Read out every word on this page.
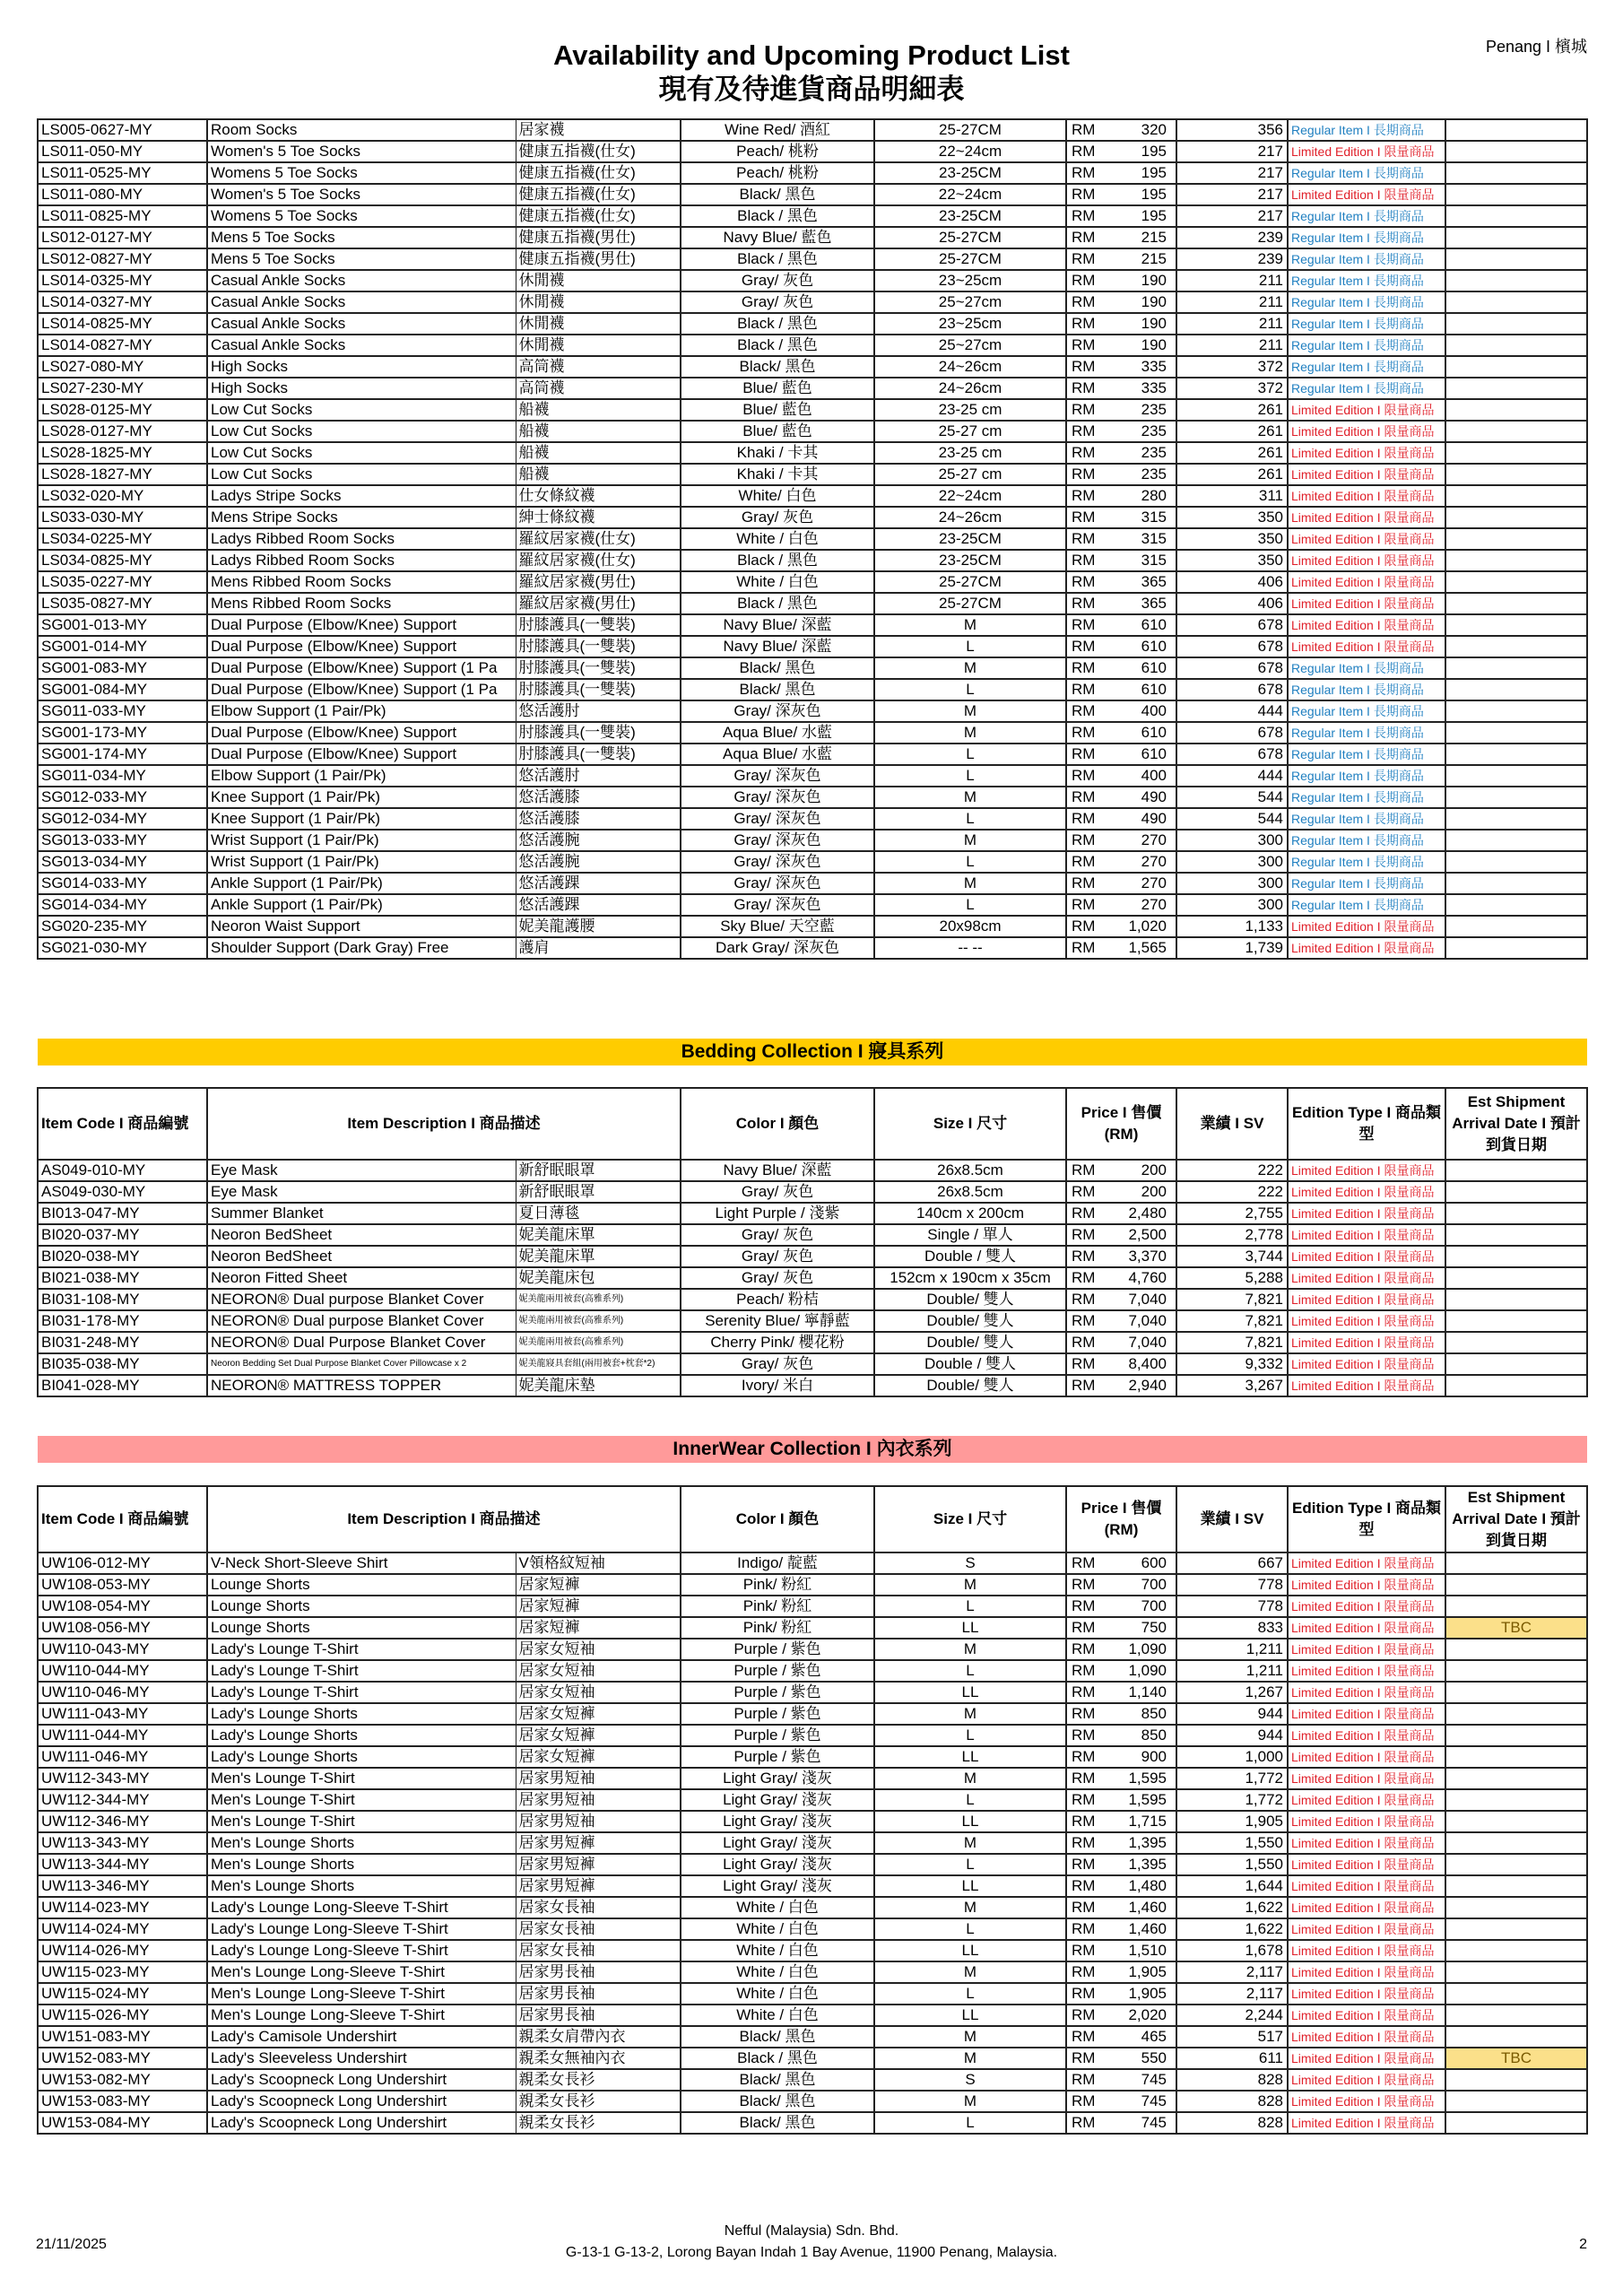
Availability and Upcoming Product List
現有及待進貨商品明細表
Penang I 檳城
LS005-0627-MY	Room Socks	居家襪	Wine Red/ 酒紅	25-27CM	RM 320	356	Regular Item I 長期商品	
LS011-050-MY	Women's 5 Toe Socks	健康五指襪(仕女)	Peach/ 桃粉	22~24cm	RM 195	217	Limited Edition I 限量商品	
LS011-0525-MY	Womens 5 Toe Socks	健康五指襪(仕女)	Peach/ 桃粉	23-25CM	RM 195	217	Regular Item I 長期商品	
LS011-080-MY	Women's 5 Toe Socks	健康五指襪(仕女)	Black/ 黑色	22~24cm	RM 195	217	Limited Edition I 限量商品	
LS011-0825-MY	Womens 5 Toe Socks	健康五指襪(仕女)	Black / 黑色	23-25CM	RM 195	217	Regular Item I 長期商品	
LS012-0127-MY	Mens 5 Toe Socks	健康五指襪(男仕)	Navy Blue/ 藍色	25-27CM	RM 215	239	Regular Item I 長期商品	
LS012-0827-MY	Mens 5 Toe Socks	健康五指襪(男仕)	Black / 黑色	25-27CM	RM 215	239	Regular Item I 長期商品	
LS014-0325-MY	Casual Ankle Socks	休閒襪	Gray/ 灰色	23~25cm	RM 190	211	Regular Item I 長期商品	
LS014-0327-MY	Casual Ankle Socks	休閒襪	Gray/ 灰色	25~27cm	RM 190	211	Regular Item I 長期商品	
LS014-0825-MY	Casual Ankle Socks	休閒襪	Black / 黑色	23~25cm	RM 190	211	Regular Item I 長期商品	
LS014-0827-MY	Casual Ankle Socks	休閒襪	Black / 黑色	25~27cm	RM 190	211	Regular Item I 長期商品	
LS027-080-MY	High Socks	高筒襪	Black/ 黑色	24~26cm	RM 335	372	Regular Item I 長期商品	
LS027-230-MY	High Socks	高筒襪	Blue/ 藍色	24~26cm	RM 335	372	Regular Item I 長期商品	
LS028-0125-MY	Low Cut Socks	船襪	Blue/ 藍色	23-25 cm	RM 235	261	Limited Edition I 限量商品	
LS028-0127-MY	Low Cut Socks	船襪	Blue/ 藍色	25-27 cm	RM 235	261	Limited Edition I 限量商品	
LS028-1825-MY	Low Cut Socks	船襪	Khaki / 卡其	23-25 cm	RM 235	261	Limited Edition I 限量商品	
LS028-1827-MY	Low Cut Socks	船襪	Khaki / 卡其	25-27 cm	RM 235	261	Limited Edition I 限量商品	
LS032-020-MY	Ladys Stripe Socks	仕女條紋襪	White/ 白色	22~24cm	RM 280	311	Limited Edition I 限量商品	
LS033-030-MY	Mens Stripe Socks	紳士條紋襪	Gray/ 灰色	24~26cm	RM 315	350	Limited Edition I 限量商品	
LS034-0225-MY	Ladys Ribbed Room Socks	羅紋居家襪(仕女)	White / 白色	23-25CM	RM 315	350	Limited Edition I 限量商品	
LS034-0825-MY	Ladys Ribbed Room Socks	羅紋居家襪(仕女)	Black / 黑色	23-25CM	RM 315	350	Limited Edition I 限量商品	
LS035-0227-MY	Mens Ribbed Room Socks	羅紋居家襪(男仕)	White / 白色	25-27CM	RM 365	406	Limited Edition I 限量商品	
LS035-0827-MY	Mens Ribbed Room Socks	羅紋居家襪(男仕)	Black / 黑色	25-27CM	RM 365	406	Limited Edition I 限量商品	
SG001-013-MY	Dual Purpose (Elbow/Knee) Support	肘膝護具(一雙裝)	Navy Blue/ 深藍	M	RM 610	678	Limited Edition I 限量商品	
SG001-014-MY	Dual Purpose (Elbow/Knee) Support	肘膝護具(一雙裝)	Navy Blue/ 深藍	L	RM 610	678	Limited Edition I 限量商品	
SG001-083-MY	Dual Purpose (Elbow/Knee) Support (1 Pa	肘膝護具(一雙裝)	Black/ 黑色	M	RM 610	678	Regular Item I 長期商品	
SG001-084-MY	Dual Purpose (Elbow/Knee) Support (1 Pa	肘膝護具(一雙裝)	Black/ 黑色	L	RM 610	678	Regular Item I 長期商品	
SG011-033-MY	Elbow Support (1 Pair/Pk)	悠活護肘	Gray/ 深灰色	M	RM 400	444	Regular Item I 長期商品	
SG001-173-MY	Dual Purpose (Elbow/Knee) Support	肘膝護具(一雙裝)	Aqua Blue/ 水藍	M	RM 610	678	Regular Item I 長期商品	
SG001-174-MY	Dual Purpose (Elbow/Knee) Support	肘膝護具(一雙裝)	Aqua Blue/ 水藍	L	RM 610	678	Regular Item I 長期商品	
SG011-034-MY	Elbow Support (1 Pair/Pk)	悠活護肘	Gray/ 深灰色	L	RM 400	444	Regular Item I 長期商品	
SG012-033-MY	Knee Support (1 Pair/Pk)	悠活護膝	Gray/ 深灰色	M	RM 490	544	Regular Item I 長期商品	
SG012-034-MY	Knee Support (1 Pair/Pk)	悠活護膝	Gray/ 深灰色	L	RM 490	544	Regular Item I 長期商品	
SG013-033-MY	Wrist Support (1 Pair/Pk)	悠活護腕	Gray/ 深灰色	M	RM 270	300	Regular Item I 長期商品	
SG013-034-MY	Wrist Support (1 Pair/Pk)	悠活護腕	Gray/ 深灰色	L	RM 270	300	Regular Item I 長期商品	
SG014-033-MY	Ankle Support (1 Pair/Pk)	悠活護踝	Gray/ 深灰色	M	RM 270	300	Regular Item I 長期商品	
SG014-034-MY	Ankle Support (1 Pair/Pk)	悠活護踝	Gray/ 深灰色	L	RM 270	300	Regular Item I 長期商品	
SG020-235-MY	Neoron Waist Support	妮美龍護腰	Sky Blue/ 天空藍	20x98cm	RM 1,020	1,133	Limited Edition I 限量商品	
SG021-030-MY	Shoulder Support (Dark Gray) Free	護肩	Dark Gray/ 深灰色	-- --	RM 1,565	1,739	Limited Edition I 限量商品	
Bedding Collection I 寢具系列
Item Code I 商品編號	Item Description I 商品描述		Color I 顏色	Size I 尺寸	Price I 售價 (RM)	業績 I SV	Edition Type I 商品類型	Est Shipment Arrival Date I 預計到貨日期
AS049-010-MY	Eye Mask	新舒眠眼罩	Navy Blue/ 深藍	26x8.5cm	RM 200	222	Limited Edition I 限量商品	
AS049-030-MY	Eye Mask	新舒眠眼罩	Gray/ 灰色	26x8.5cm	RM 200	222	Limited Edition I 限量商品	
BI013-047-MY	Summer Blanket	夏日薄毯	Light Purple / 淺紫	140cm x 200cm	RM 2,480	2,755	Limited Edition I 限量商品	
BI020-037-MY	Neoron BedSheet	妮美龍床單	Gray/ 灰色	Single / 單人	RM 2,500	2,778	Limited Edition I 限量商品	
BI020-038-MY	Neoron BedSheet	妮美龍床單	Gray/ 灰色	Double / 雙人	RM 3,370	3,744	Limited Edition I 限量商品	
BI021-038-MY	Neoron Fitted Sheet	妮美龍床包	Gray/ 灰色	152cm x 190cm x 35cm	RM 4,760	5,288	Limited Edition I 限量商品	
BI031-108-MY	NEORON® Dual purpose Blanket Cover	妮美龍兩用被套(高雅系列)	Peach/ 粉桔	Double/ 雙人	RM 7,040	7,821	Limited Edition I 限量商品	
BI031-178-MY	NEORON® Dual purpose Blanket Cover	妮美龍兩用被套(高雅系列)	Serenity Blue/ 寧靜藍	Double/ 雙人	RM 7,040	7,821	Limited Edition I 限量商品	
BI031-248-MY	NEORON® Dual Purpose Blanket Cover	妮美龍兩用被套(高雅系列)	Cherry Pink/ 櫻花粉	Double/ 雙人	RM 7,040	7,821	Limited Edition I 限量商品	
BI035-038-MY	Neoron Bedding Set Dual Purpose Blanket Cover Pillowcase x 2	妮美龍寢具套組(兩用被套+枕套*2)	Gray/ 灰色	Double / 雙人	RM 8,400	9,332	Limited Edition I 限量商品	
BI041-028-MY	NEORON® MATTRESS TOPPER	妮美龍床墊	Ivory/ 米白	Double/ 雙人	RM 2,940	3,267	Limited Edition I 限量商品	
InnerWear Collection I 內衣系列
Item Code I 商品編號	Item Description I 商品描述		Color I 顏色	Size I 尺寸	Price I 售價 (RM)	業績 I SV	Edition Type I 商品類型	Est Shipment Arrival Date I 預計到貨日期
UW106-012-MY	V-Neck Short-Sleeve Shirt	V領格紋短袖	Indigo/ 靛藍	S	RM 600	667	Limited Edition I 限量商品	
UW108-053-MY	Lounge Shorts	居家短褲	Pink/ 粉紅	M	RM 700	778	Limited Edition I 限量商品	
UW108-054-MY	Lounge Shorts	居家短褲	Pink/ 粉紅	L	RM 700	778	Limited Edition I 限量商品	
UW108-056-MY	Lounge Shorts	居家短褲	Pink/ 粉紅	LL	RM 750	833	Limited Edition I 限量商品	TBC
UW110-043-MY	Lady's Lounge T-Shirt	居家女短袖	Purple / 紫色	M	RM 1,090	1,211	Limited Edition I 限量商品	
UW110-044-MY	Lady's Lounge T-Shirt	居家女短袖	Purple / 紫色	L	RM 1,090	1,211	Limited Edition I 限量商品	
UW110-046-MY	Lady's Lounge T-Shirt	居家女短袖	Purple / 紫色	LL	RM 1,140	1,267	Limited Edition I 限量商品	
UW111-043-MY	Lady's Lounge Shorts	居家女短褲	Purple / 紫色	M	RM 850	944	Limited Edition I 限量商品	
UW111-044-MY	Lady's Lounge Shorts	居家女短褲	Purple / 紫色	L	RM 850	944	Limited Edition I 限量商品	
UW111-046-MY	Lady's Lounge Shorts	居家女短褲	Purple / 紫色	LL	RM 900	1,000	Limited Edition I 限量商品	
UW112-343-MY	Men's Lounge T-Shirt	居家男短袖	Light Gray/ 淺灰	M	RM 1,595	1,772	Limited Edition I 限量商品	
UW112-344-MY	Men's Lounge T-Shirt	居家男短袖	Light Gray/ 淺灰	L	RM 1,595	1,772	Limited Edition I 限量商品	
UW112-346-MY	Men's Lounge T-Shirt	居家男短袖	Light Gray/ 淺灰	LL	RM 1,715	1,905	Limited Edition I 限量商品	
UW113-343-MY	Men's Lounge Shorts	居家男短褲	Light Gray/ 淺灰	M	RM 1,395	1,550	Limited Edition I 限量商品	
UW113-344-MY	Men's Lounge Shorts	居家男短褲	Light Gray/ 淺灰	L	RM 1,395	1,550	Limited Edition I 限量商品	
UW113-346-MY	Men's Lounge Shorts	居家男短褲	Light Gray/ 淺灰	LL	RM 1,480	1,644	Limited Edition I 限量商品	
UW114-023-MY	Lady's Lounge Long-Sleeve T-Shirt	居家女長袖	White / 白色	M	RM 1,460	1,622	Limited Edition I 限量商品	
UW114-024-MY	Lady's Lounge Long-Sleeve T-Shirt	居家女長袖	White / 白色	L	RM 1,460	1,622	Limited Edition I 限量商品	
UW114-026-MY	Lady's Lounge Long-Sleeve T-Shirt	居家女長袖	White / 白色	LL	RM 1,510	1,678	Limited Edition I 限量商品	
UW115-023-MY	Men's Lounge Long-Sleeve T-Shirt	居家男長袖	White / 白色	M	RM 1,905	2,117	Limited Edition I 限量商品	
UW115-024-MY	Men's Lounge Long-Sleeve T-Shirt	居家男長袖	White / 白色	L	RM 1,905	2,117	Limited Edition I 限量商品	
UW115-026-MY	Men's Lounge Long-Sleeve T-Shirt	居家男長袖	White / 白色	LL	RM 2,020	2,244	Limited Edition I 限量商品	
UW151-083-MY	Lady's Camisole Undershirt	親柔女肩帶內衣	Black/ 黑色	M	RM 465	517	Limited Edition I 限量商品	
UW152-083-MY	Lady's Sleeveless Undershirt	親柔女無袖內衣	Black / 黑色	M	RM 550	611	Limited Edition I 限量商品	TBC
UW153-082-MY	Lady's Scoopneck Long Undershirt	親柔女長衫	Black/ 黑色	S	RM 745	828	Limited Edition I 限量商品	
UW153-083-MY	Lady's Scoopneck Long Undershirt	親柔女長衫	Black/ 黑色	M	RM 745	828	Limited Edition I 限量商品	
UW153-084-MY	Lady's Scoopneck Long Undershirt	親柔女長衫	Black/ 黑色	L	RM 745	828	Limited Edition I 限量商品	
21/11/2025
Nefful (Malaysia) Sdn. Bhd.
G-13-1 G-13-2, Lorong Bayan Indah 1 Bay Avenue, 11900 Penang, Malaysia.
2
